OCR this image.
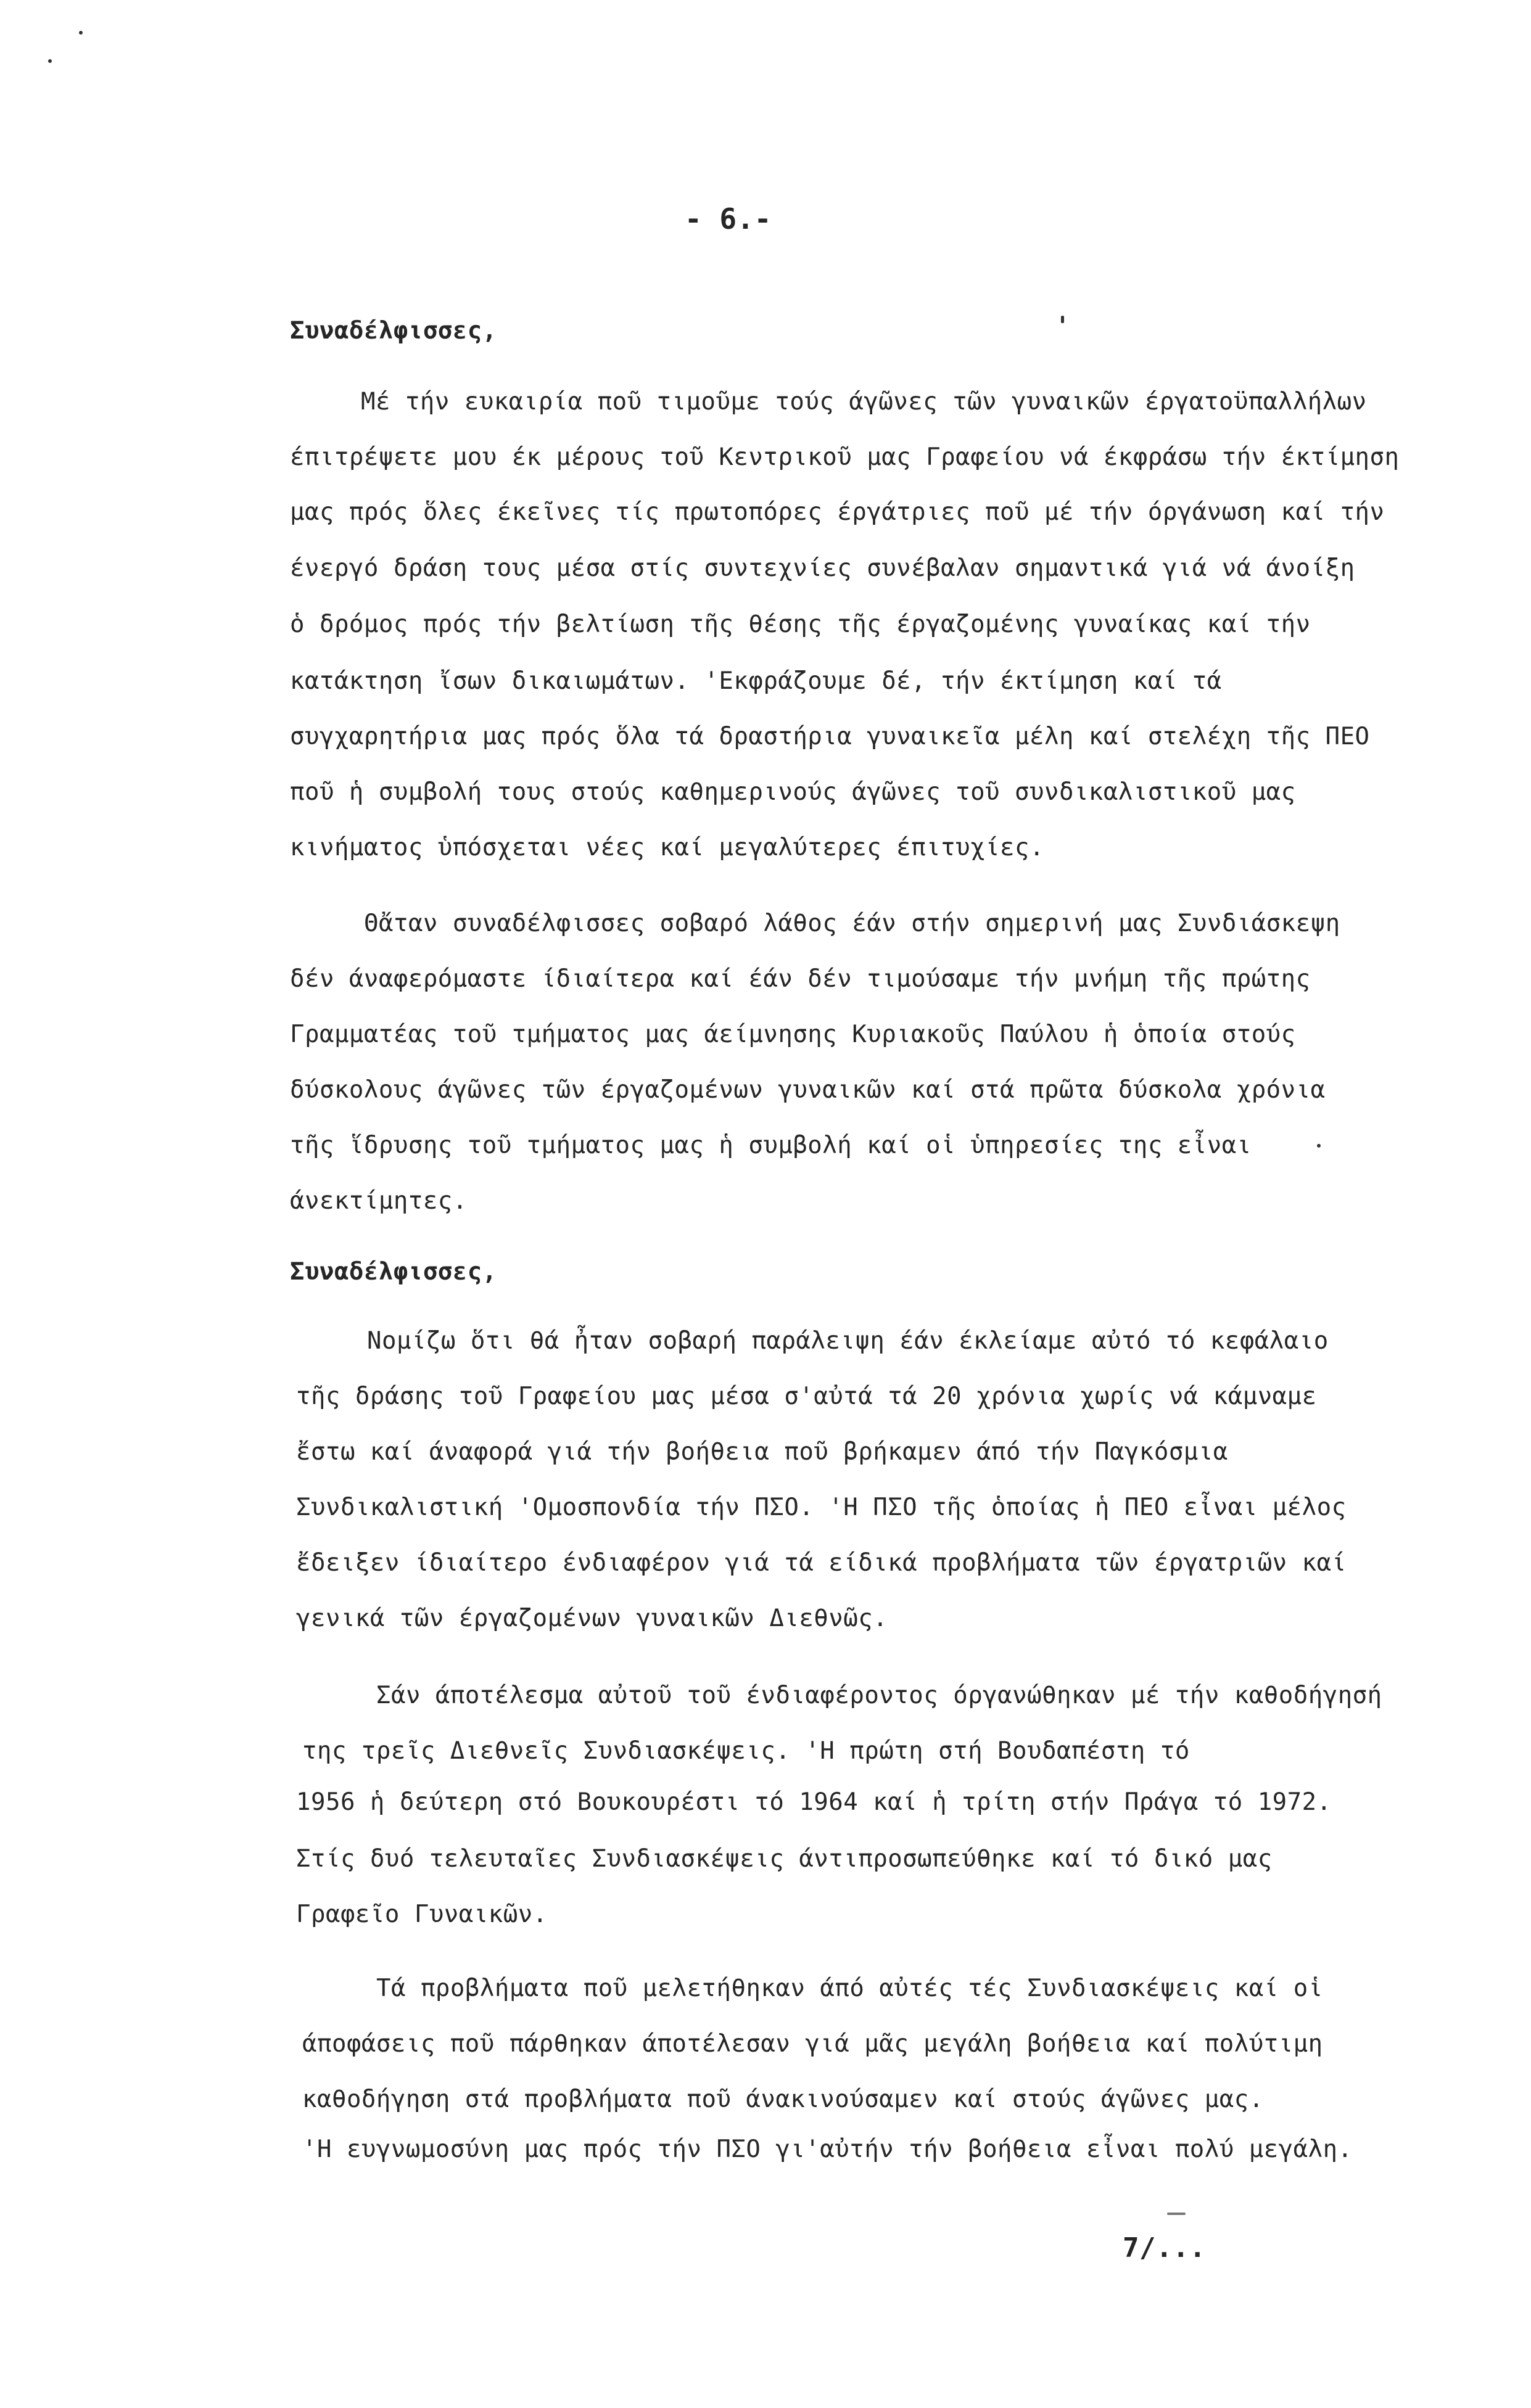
- 6.-
Συναδέλφισσες,
Μέ τήν ευκαιρία ποῦ τιμοῦμε τούς άγῶνες τῶν γυναικῶν έργατοϋπαλλήλων
έπιτρέψετε μου έκ μέρους τοῦ Κεντρικοῦ μας Γραφείου νά έκφράσω τήν έκτίμηση
μας πρός ὅλες έκεῖνες τίς πρωτοπόρες έργάτριες ποῦ μέ τήν όργάνωση καί τήν
ένεργό δράση τους μέσα στίς συντεχνίες συνέβαλαν σημαντικά γιά νά άνοίξη
ὁ δρόμος πρός τήν βελτίωση τῆς θέσης τῆς έργαζομένης γυναίκας καί τήν
κατάκτηση ἴσων δικαιωμάτων. 'Εκφράζουμε δέ, τήν έκτίμηση καί τά
συγχαρητήρια μας πρός ὅλα τά δραστήρια γυναικεῖα μέλη καί στελέχη τῆς ΠΕΟ
ποῦ ἡ συμβολή τους στούς καθημερινούς άγῶνες τοῦ συνδικαλιστικοῦ μας
κινήματος ὑπόσχεται νέες καί μεγαλύτερες έπιτυχίες.
Θἄταν συναδέλφισσες σοβαρό λάθος έάν στήν σημερινή μας Συνδιάσκεψη
δέν άναφερόμαστε ίδιαίτερα καί έάν δέν τιμούσαμε τήν μνήμη τῆς πρώτης
Γραμματέας τοῦ τμήματος μας άείμνησης Κυριακοῦς Παύλου ἡ ὁποία στούς
δύσκολους άγῶνες τῶν έργαζομένων γυναικῶν καί στά πρῶτα δύσκολα χρόνια
τῆς ἵδρυσης τοῦ τμήματος μας ἡ συμβολή καί οἱ ὑπηρεσίες της εἶναι
άνεκτίμητες.
Συναδέλφισσες,
Νομίζω ὅτι θά ἦταν σοβαρή παράλειψη έάν έκλείαμε αὐτό τό κεφάλαιο
τῆς δράσης τοῦ Γραφείου μας μέσα σ'αὐτά τά 20 χρόνια χωρίς νά κάμναμε
ἔστω καί άναφορά γιά τήν βοήθεια ποῦ βρήκαμεν άπό τήν Παγκόσμια
Συνδικαλιστική 'Ομοσπονδία τήν ΠΣΟ. 'Η ΠΣΟ τῆς ὁποίας ἡ ΠΕΟ εἶναι μέλος
ἔδειξεν ίδιαίτερο ένδιαφέρον γιά τά είδικά προβλήματα τῶν έργατριῶν καί
γενικά τῶν έργαζομένων γυναικῶν Διεθνῶς.
Σάν άποτέλεσμα αὐτοῦ τοῦ ένδιαφέροντος όργανώθηκαν μέ τήν καθοδήγησή
της τρεῖς Διεθνεῖς Συνδιασκέψεις. 'Η πρώτη στή Βουδαπέστη τό
1956 ἡ δεύτερη στό Βουκουρέστι τό 1964 καί ἡ τρίτη στήν Πράγα τό 1972.
Στίς δυό τελευταῖες Συνδιασκέψεις άντιπροσωπεύθηκε καί τό δικό μας
Γραφεῖο Γυναικῶν.
Τά προβλήματα ποῦ μελετήθηκαν άπό αὐτές τές Συνδιασκέψεις καί οἱ
άποφάσεις ποῦ πάρθηκαν άποτέλεσαν γιά μᾶς μεγάλη βοήθεια καί πολύτιμη
καθοδήγηση στά προβλήματα ποῦ άνακινούσαμεν καί στούς άγῶνες μας.
'Η ευγνωμοσύνη μας πρός τήν ΠΣΟ γι'αὐτήν τήν βοήθεια εἶναι πολύ μεγάλη.
7/...
